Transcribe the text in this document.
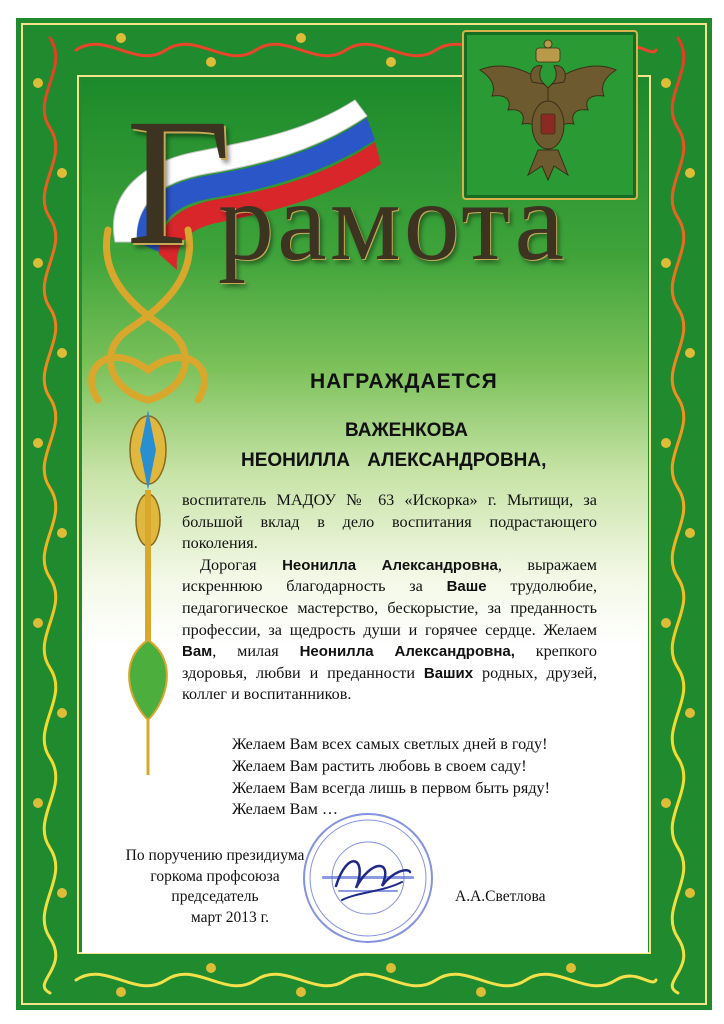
Г
рамота
НАГРАЖДАЕТСЯ
ВАЖЕНКОВА
НЕОНИЛЛА АЛЕКСАНДРОВНА,

воспитатель МАДОУ № 63 «Искорка» г. Мытищи, за большой вклад в дело воспитания подрастающего поколения.

Дорогая Неонилла Александровна, выражаем искреннюю благодарность за Ваше трудолюбие, педагогическое мастерство, бескорыстие, за преданность профессии, за щедрость души и горячее сердце. Желаем Вам, милая Неонилла Александровна, крепкого здоровья, любви и преданности Ваших родных, друзей, коллег и воспитанников.

Желаем Вам всех самых светлых дней в году!
Желаем Вам растить любовь в своем саду!
Желаем Вам всегда лишь в первом быть ряду!
Желаем Вам …
По поручению президиума
горкома профсоюза
председатель
март 2013 г.
А.А.Светлова
